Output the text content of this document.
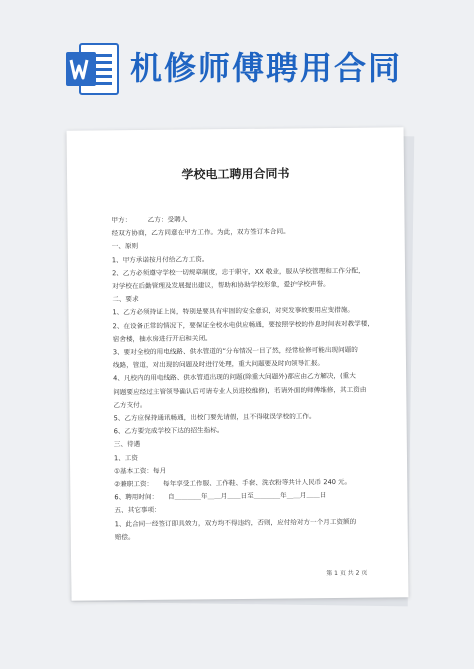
机修师傅聘用合同
学校电工聘用合同书
甲方：　　　乙方：受聘人
经双方协商，乙方同意在甲方工作。为此，双方签订本合同。
一、原则
1、甲方承诺按月付给乙方工资。
2、乙方必须遵守学校一切规章制度，忠于职守，XX 敬业，服从学校管理和工作分配，
对学校在后勤管理及发展提出建议，帮助和协助学校形象，爱护学校声誉。
二、要求
1、乙方必须持证上岗，特别是要具有牢固的安全意识，对突发事故要用应变措施。
2、在设备正常的情况下，要保证全校水电供应畅通，要按照学校的作息时间表对教学楼，
宿舍楼，抽水房进行开启和关闭。
3、要对全校的用电线路、供水管道的“分布情况一目了然，经常检修可能出现问题的
线路，管道，对出现的问题及时进行处理，重大问题要及时向领导汇报。
4、凡校内的用电线路、供水管道出现的问题(除重大问题外)都应由乙方解决，(重大
问题要应经过主管领导确认后可请专业人员进校维修)，若请外面的师傅维修，其工资由
乙方支付。
5、乙方应保持通讯畅通，出校门要先请假，且不得耽误学校的工作。
6、乙方要完成学校下达的招生指标。
三、待遇
1、工资
①基本工资：每月
②兼职工资：　　每年享受工作服、工作鞋、手套、洗衣粉等共计人民币 240 元。
6、聘用时间：　　自＿＿＿＿年＿＿月＿＿日至＿＿＿＿年＿＿月＿＿日
五、其它事项：
1、此合同一经签订即具效力，双方均不得违约，否则，应付给对方一个月工资额的
赔偿。
第 1 页 共 2 页
